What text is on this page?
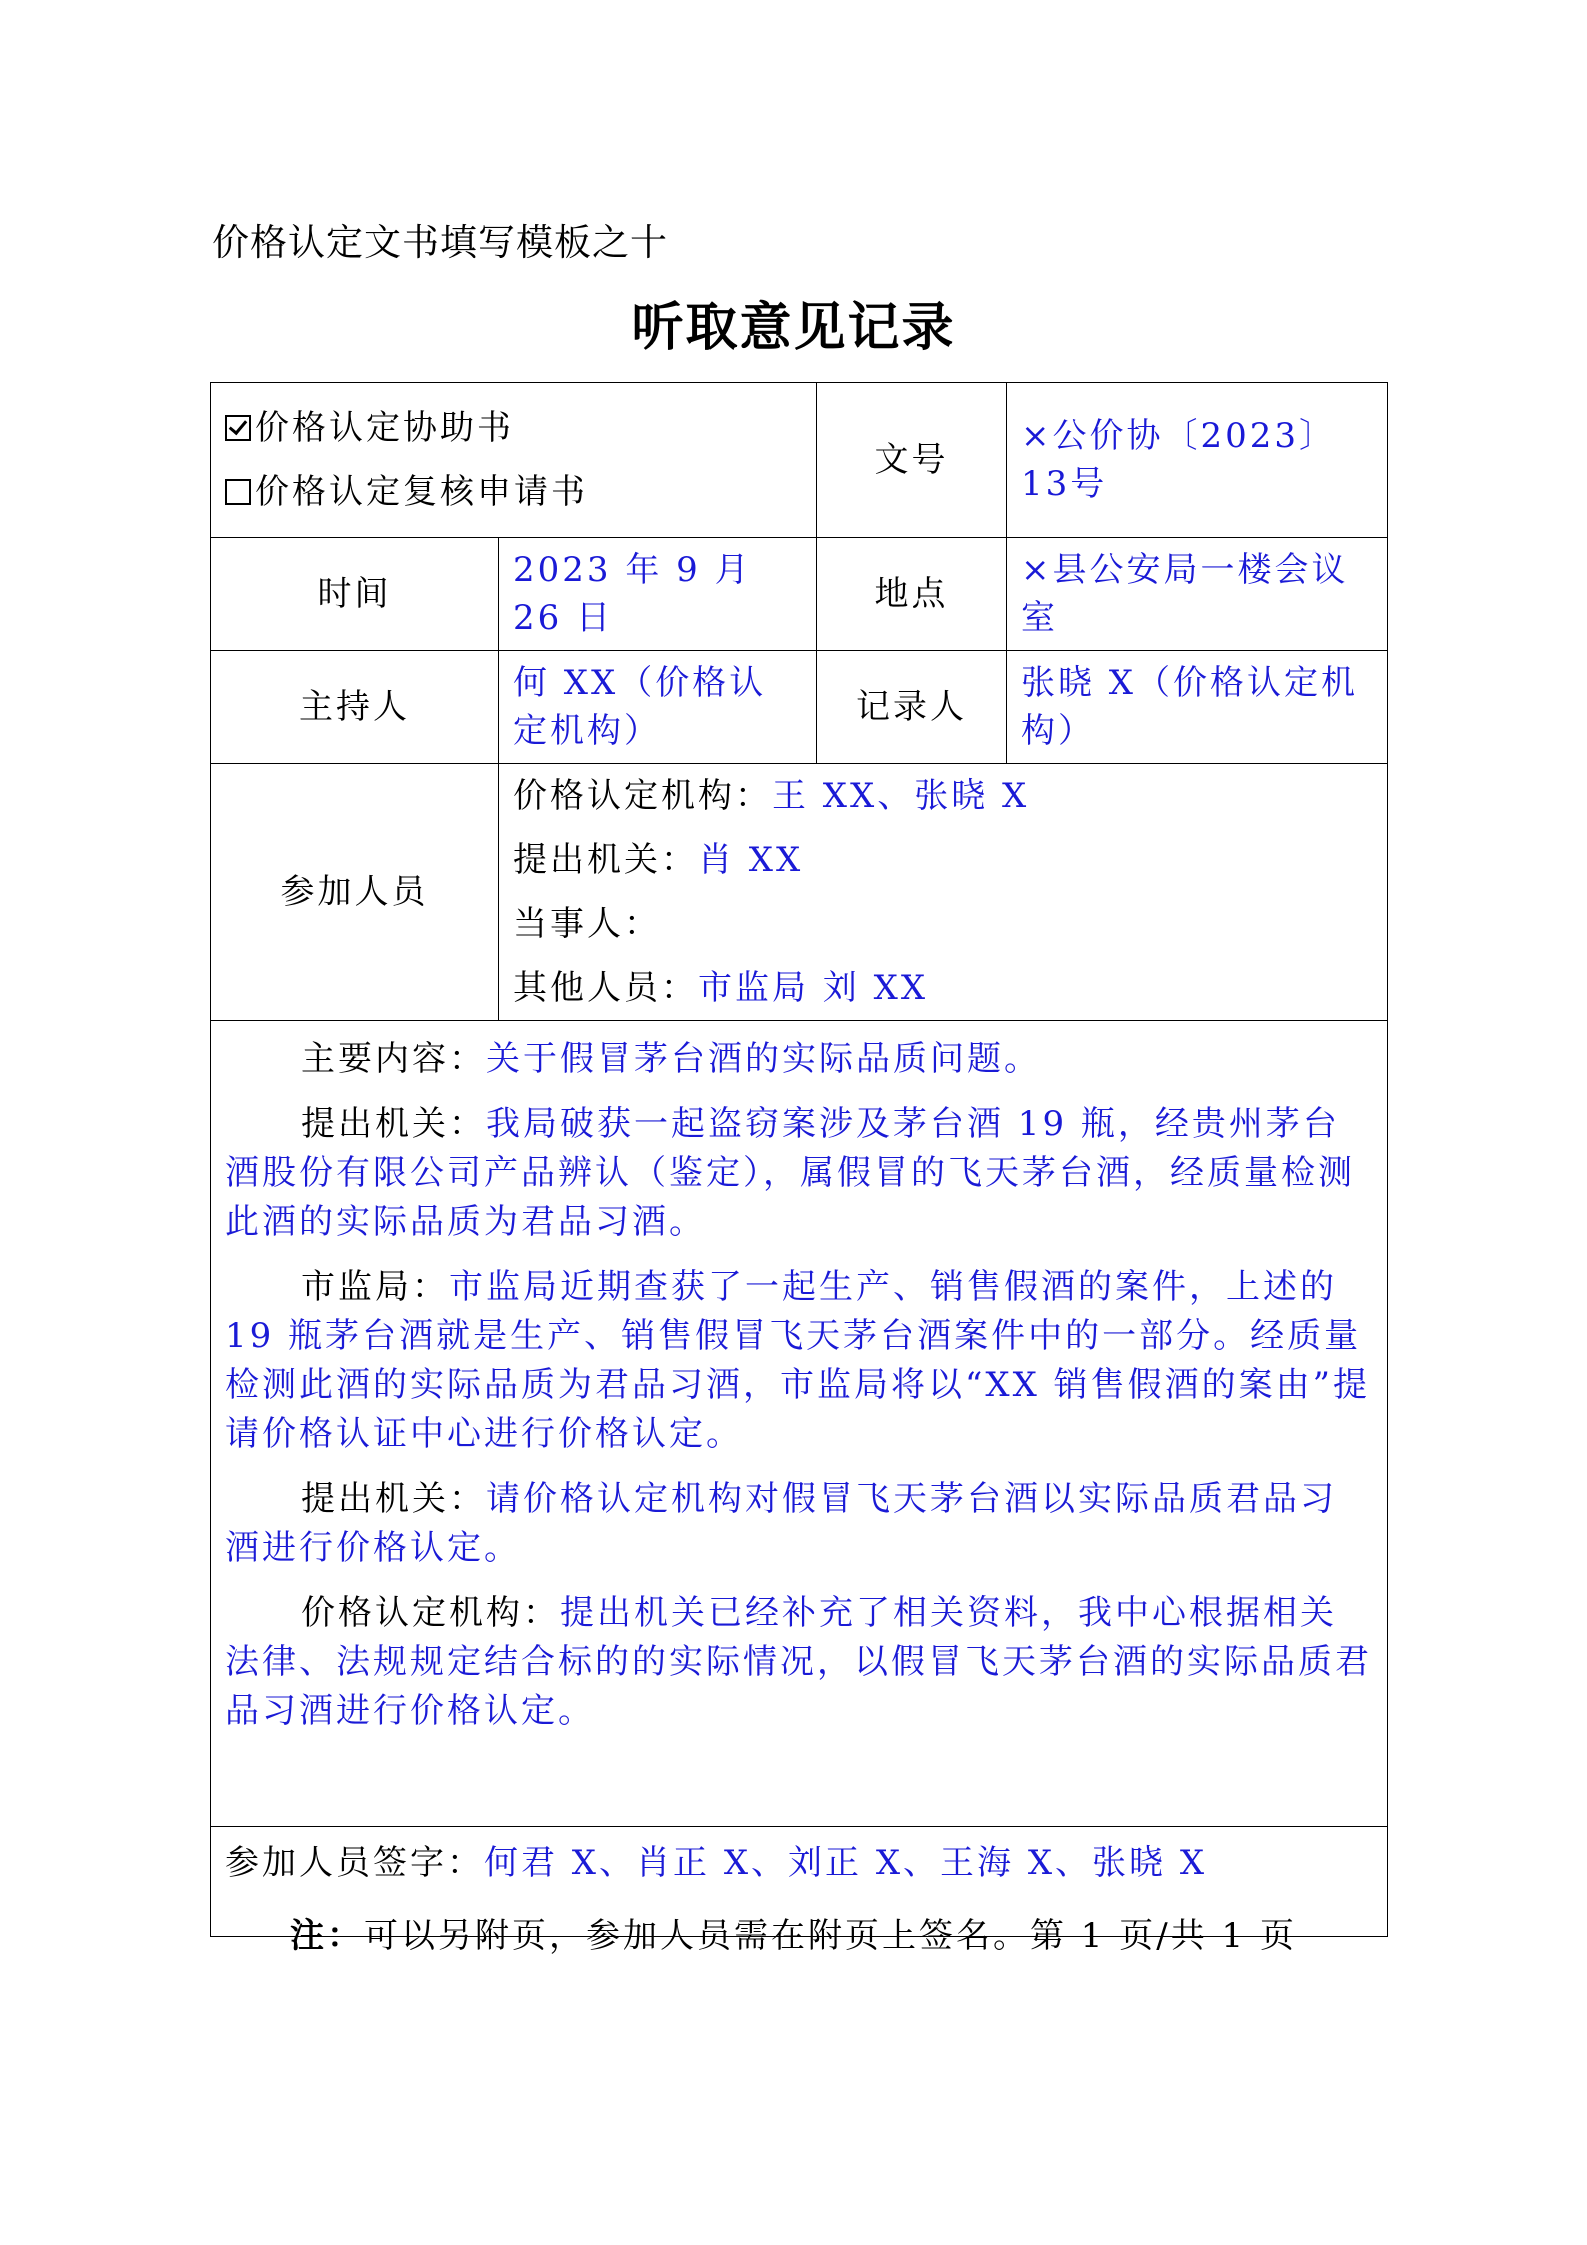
价格认定文书填写模板之十
听取意见记录
价格认定协助书
价格认定复核申请书		文号	×公价协〔2023〕13号
时间	2023 年 9 月 26 日	地点	×县公安局一楼会议室
主持人	何 XX（价格认定机构）	记录人	张晓 X（价格认定机构）
参加人员	价格认定机构：王 XX、张晓 X
提出机关：肖 XX
当事人：
其他人员：市监局 刘 XX		

主要内容：关于假冒茅台酒的实际品质问题。

提出机关：我局破获一起盗窃案涉及茅台酒 19 瓶，经贵州茅台酒股份有限公司产品辨认（鉴定），属假冒的飞天茅台酒，经质量检测此酒的实际品质为君品习酒。

市监局：市监局近期查获了一起生产、销售假酒的案件，上述的 19 瓶茅台酒就是生产、销售假冒飞天茅台酒案件中的一部分。经质量检测此酒的实际品质为君品习酒，市监局将以“XX 销售假酒的案由”提请价格认证中心进行价格认定。

提出机关：请价格认定机构对假冒飞天茅台酒以实际品质君品习酒进行价格认定。

价格认定机构：提出机关已经补充了相关资料，我中心根据相关法律、法规规定结合标的的实际情况，以假冒飞天茅台酒的实际品质君品习酒进行价格认定。			

参加人员签字：何君 X、肖正 X、刘正 X、王海 X、张晓 X			
注：可以另附页，参加人员需在附页上签名。第 1 页/共 1 页
